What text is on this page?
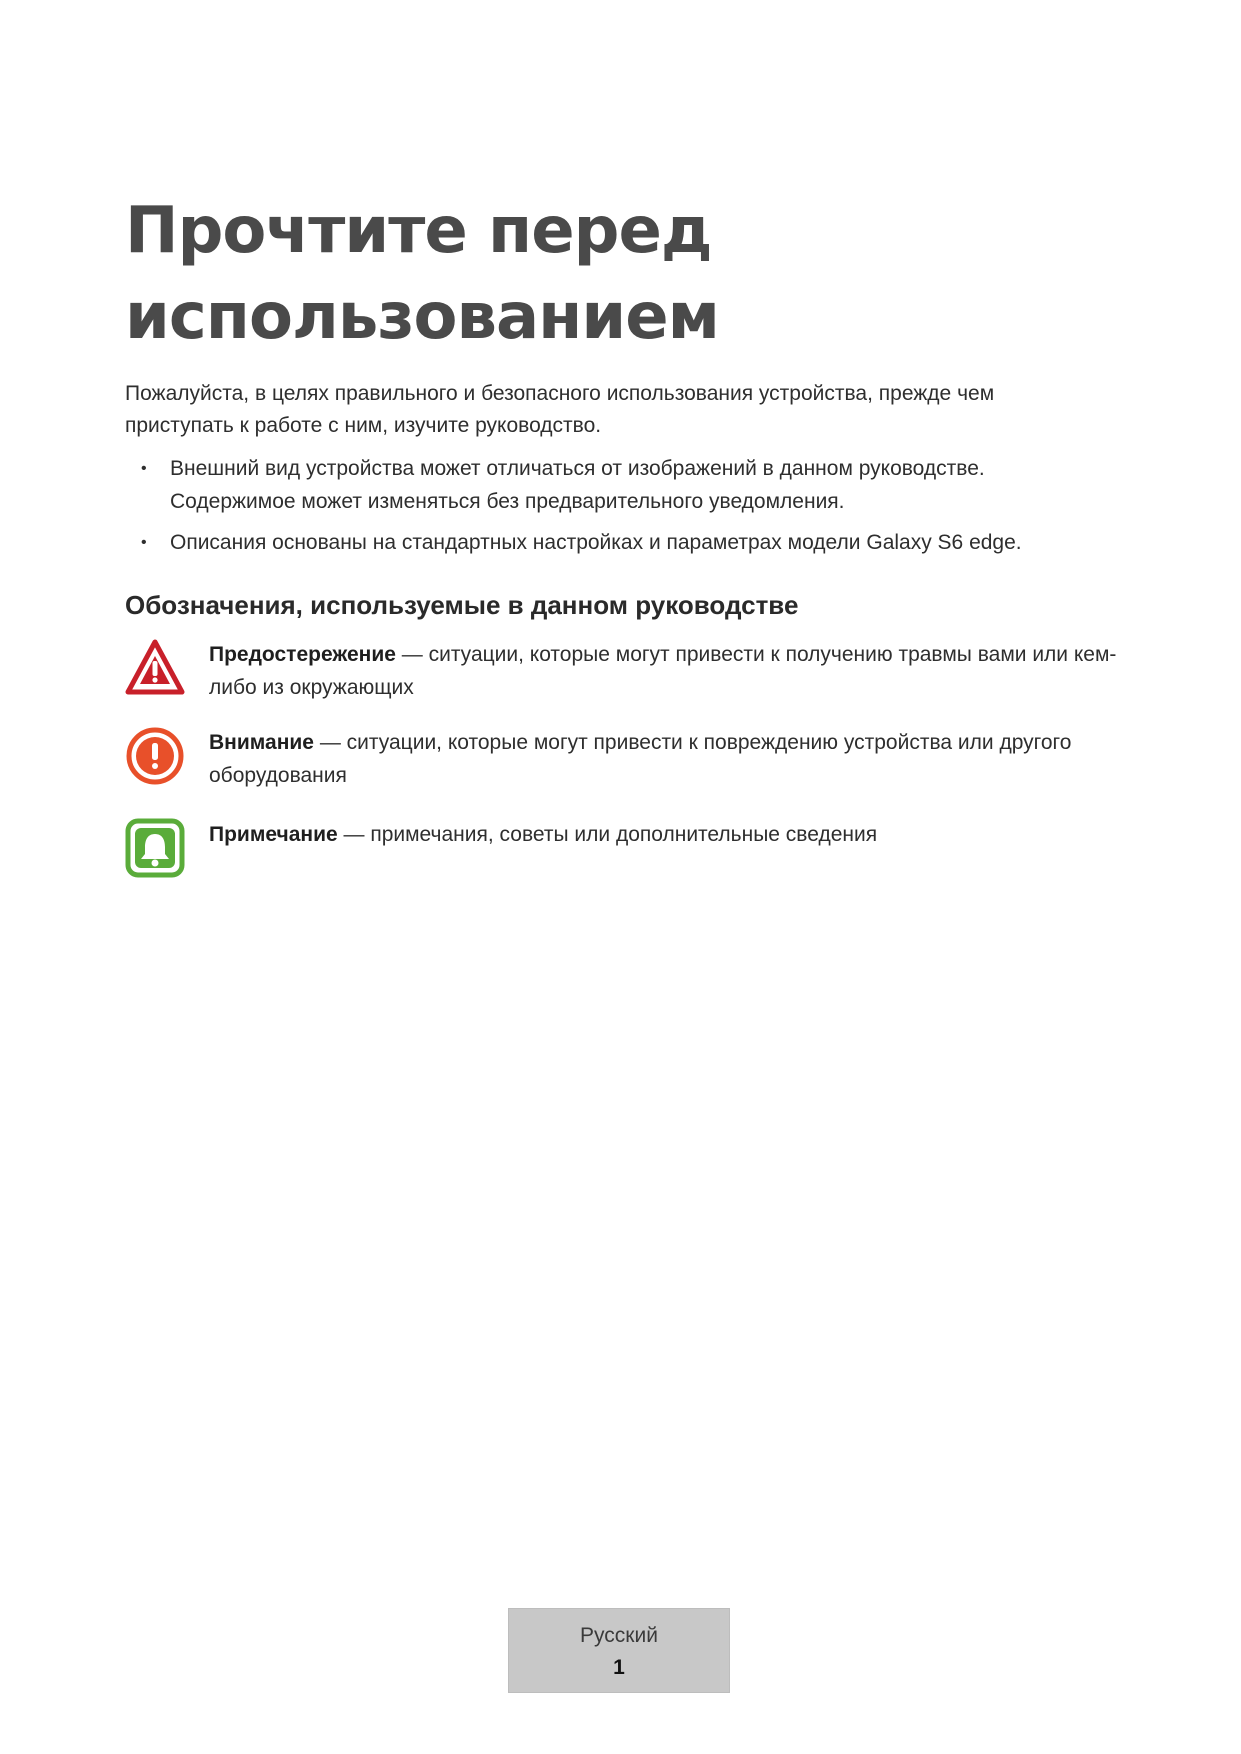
Прочтите перед
использованием

Пожалуйста, в целях правильного и безопасного использования устройства, прежде чем
приступать к работе с ним, изучите руководство.

• Внешний вид устройства может отличаться от изображений в данном руководстве.
Содержимое может изменяться без предварительного уведомления.
• Описания основаны на стандартных настройках и параметрах модели Galaxy S6 edge.
Обозначения, используемые в данном руководстве
Предостережение — ситуации, которые могут привести к получению травмы вами или кем-либо из окружающих
Внимание — ситуации, которые могут привести к повреждению устройства или другого оборудования
Примечание — примечания, советы или дополнительные сведения
Русский
1
